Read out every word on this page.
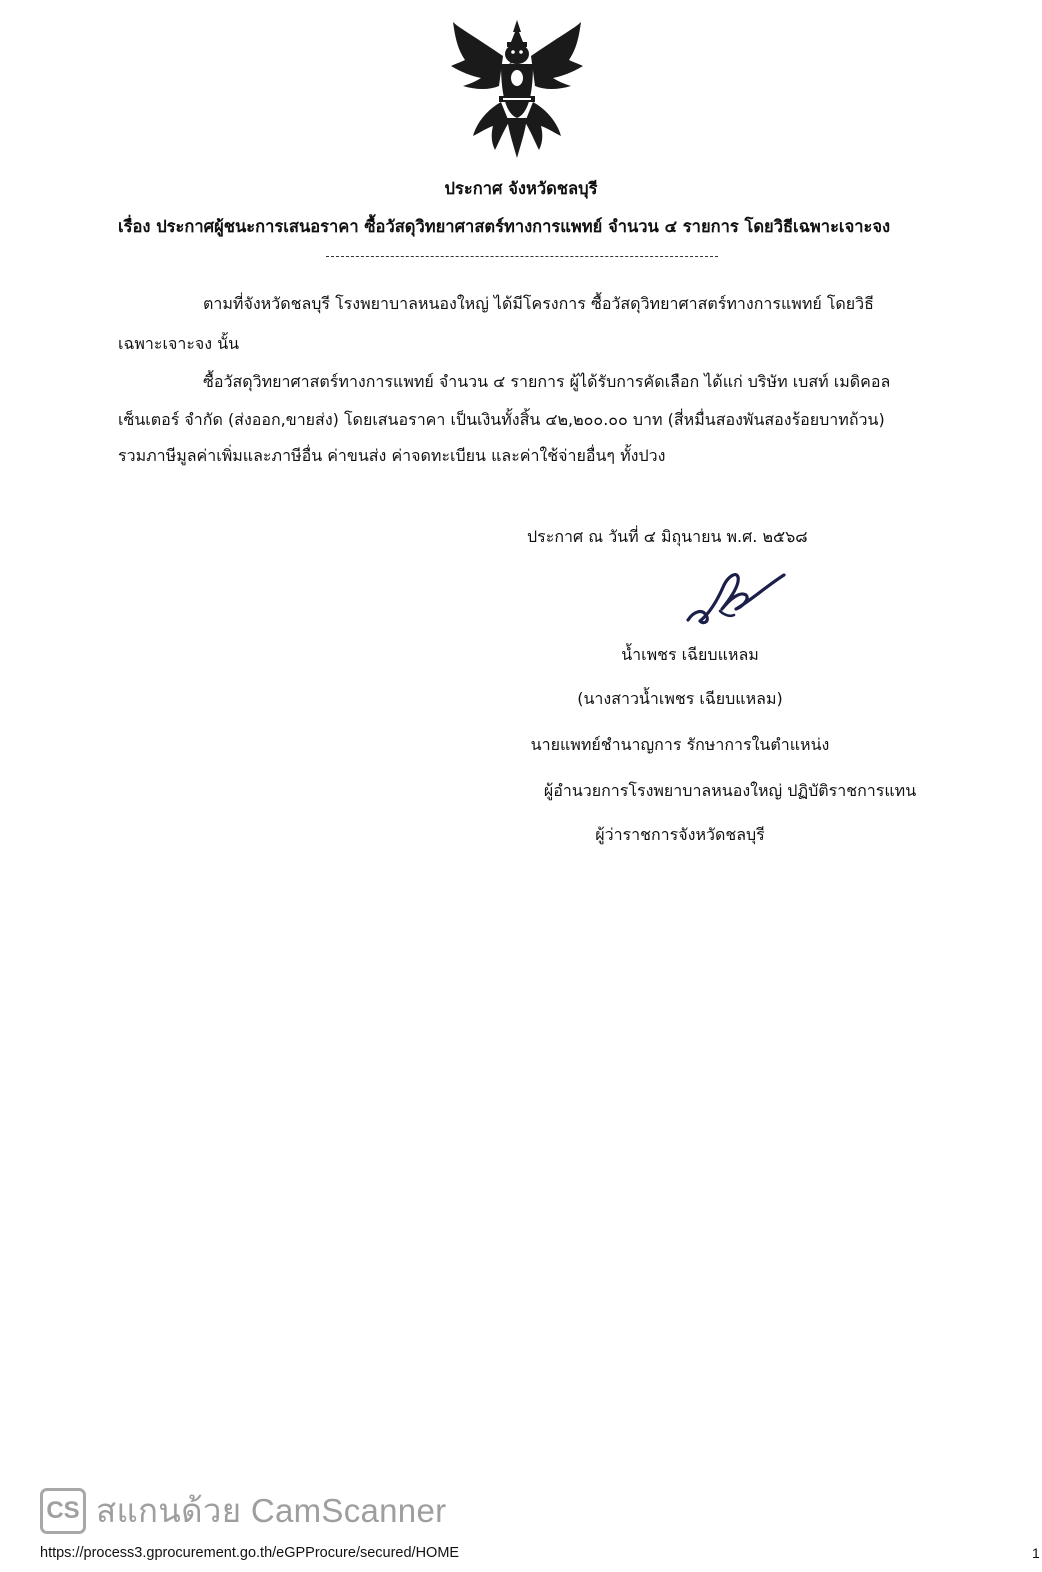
ประกาศ จังหวัดชลบุรี
เรื่อง ประกาศผู้ชนะการเสนอราคา ซื้อวัสดุวิทยาศาสตร์ทางการแพทย์ จำนวน ๔ รายการ โดยวิธีเฉพาะเจาะจง
ตามที่จังหวัดชลบุรี โรงพยาบาลหนองใหญ่ ได้มีโครงการ ซื้อวัสดุวิทยาศาสตร์ทางการแพทย์ โดยวิธี
เฉพาะเจาะจง นั้น
ซื้อวัสดุวิทยาศาสตร์ทางการแพทย์ จำนวน ๔ รายการ ผู้ได้รับการคัดเลือก ได้แก่ บริษัท เบสท์ เมดิคอล
เซ็นเตอร์ จำกัด (ส่งออก,ขายส่ง) โดยเสนอราคา เป็นเงินทั้งสิ้น ๔๒,๒๐๐.๐๐ บาท (สี่หมื่นสองพันสองร้อยบาทถ้วน)
รวมภาษีมูลค่าเพิ่มและภาษีอื่น ค่าขนส่ง ค่าจดทะเบียน และค่าใช้จ่ายอื่นๆ ทั้งปวง
ประกาศ ณ วันที่ ๔ มิถุนายน พ.ศ. ๒๕๖๘
น้ำเพชร เฉียบแหลม
(นางสาวน้ำเพชร เฉียบแหลม)
นายแพทย์ชำนาญการ รักษาการในตำแหน่ง
ผู้อำนวยการโรงพยาบาลหนองใหญ่ ปฏิบัติราชการแทน
ผู้ว่าราชการจังหวัดชลบุรี
CS สแกนด้วย CamScanner
https://process3.gprocurement.go.th/eGPProcure/secured/HOME	1
